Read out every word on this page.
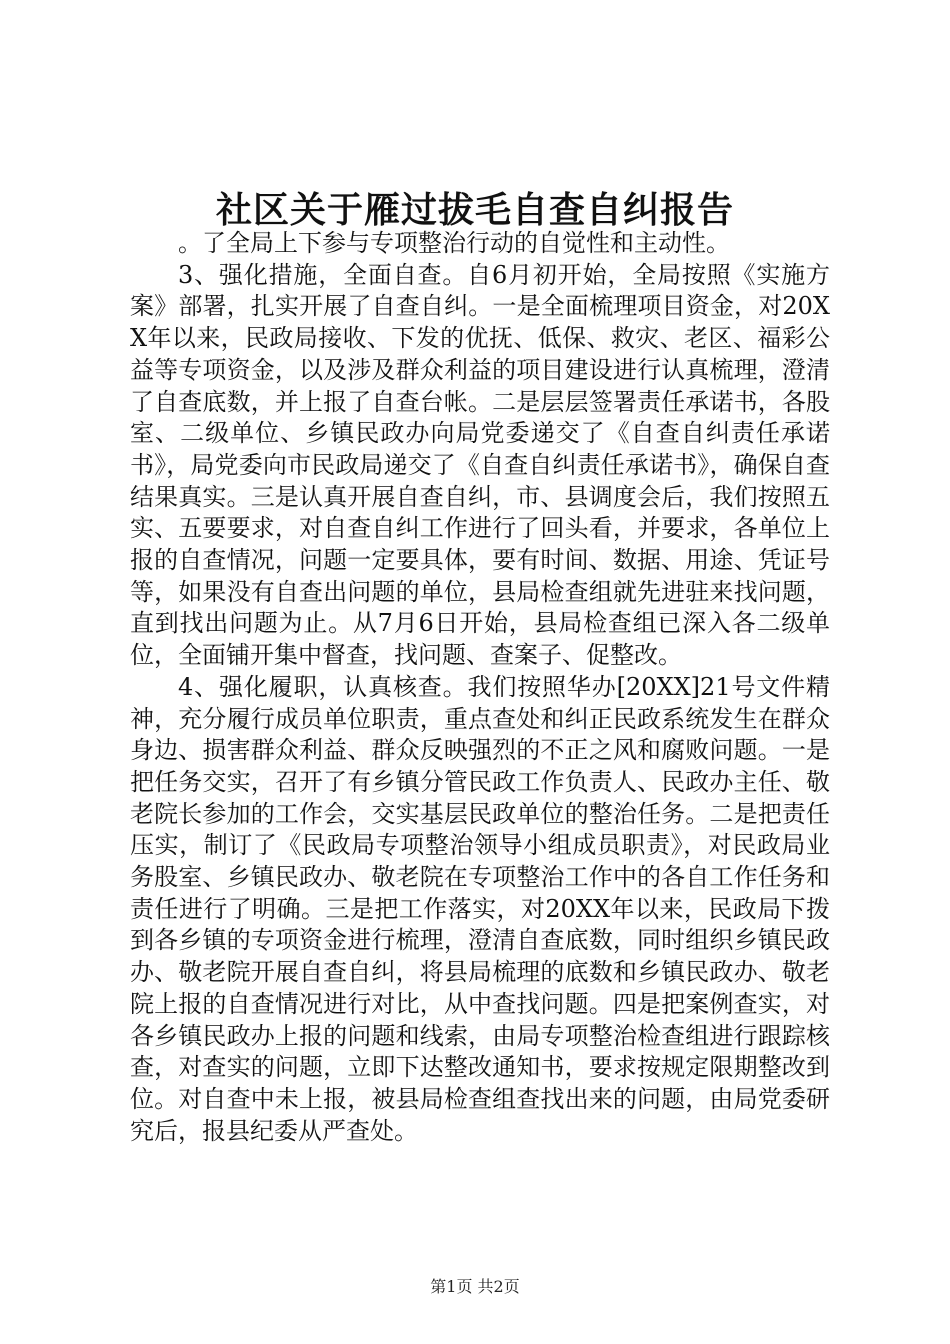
社区关于雁过拔毛自查自纠报告

。了全局上下参与专项整治行动的自觉性和主动性。

3、强化措施，全面自查。自6月初开始，全局按照《实施方案》部署，扎实开展了自查自纠。一是全面梳理项目资金，对20XX年以来，民政局接收、下发的优抚、低保、救灾、老区、福彩公益等专项资金，以及涉及群众利益的项目建设进行认真梳理，澄清了自查底数，并上报了自查台帐。二是层层签署责任承诺书，各股室、二级单位、乡镇民政办向局党委递交了《自查自纠责任承诺书》，局党委向市民政局递交了《自查自纠责任承诺书》，确保自查结果真实。三是认真开展自查自纠，市、县调度会后，我们按照五实、五要要求，对自查自纠工作进行了回头看，并要求，各单位上报的自查情况，问题一定要具体，要有时间、数据、用途、凭证号等，如果没有自查出问题的单位，县局检查组就先进驻来找问题，直到找出问题为止。从7月6日开始，县局检查组已深入各二级单位，全面铺开集中督查，找问题、查案子、促整改。

4、强化履职，认真核查。我们按照华办[20XX]21号文件精神，充分履行成员单位职责，重点查处和纠正民政系统发生在群众身边、损害群众利益、群众反映强烈的不正之风和腐败问题。一是把任务交实，召开了有乡镇分管民政工作负责人、民政办主任、敬老院长参加的工作会，交实基层民政单位的整治任务。二是把责任压实，制订了《民政局专项整治领导小组成员职责》，对民政局业务股室、乡镇民政办、敬老院在专项整治工作中的各自工作任务和责任进行了明确。三是把工作落实，对20XX年以来，民政局下拨到各乡镇的专项资金进行梳理，澄清自查底数，同时组织乡镇民政办、敬老院开展自查自纠，将县局梳理的底数和乡镇民政办、敬老院上报的自查情况进行对比，从中查找问题。四是把案例查实，对各乡镇民政办上报的问题和线索，由局专项整治检查组进行跟踪核查，对查实的问题，立即下达整改通知书，要求按规定限期整改到位。对自查中未上报，被县局检查组查找出来的问题，由局党委研究后，报县纪委从严查处。

第1页 共2页
